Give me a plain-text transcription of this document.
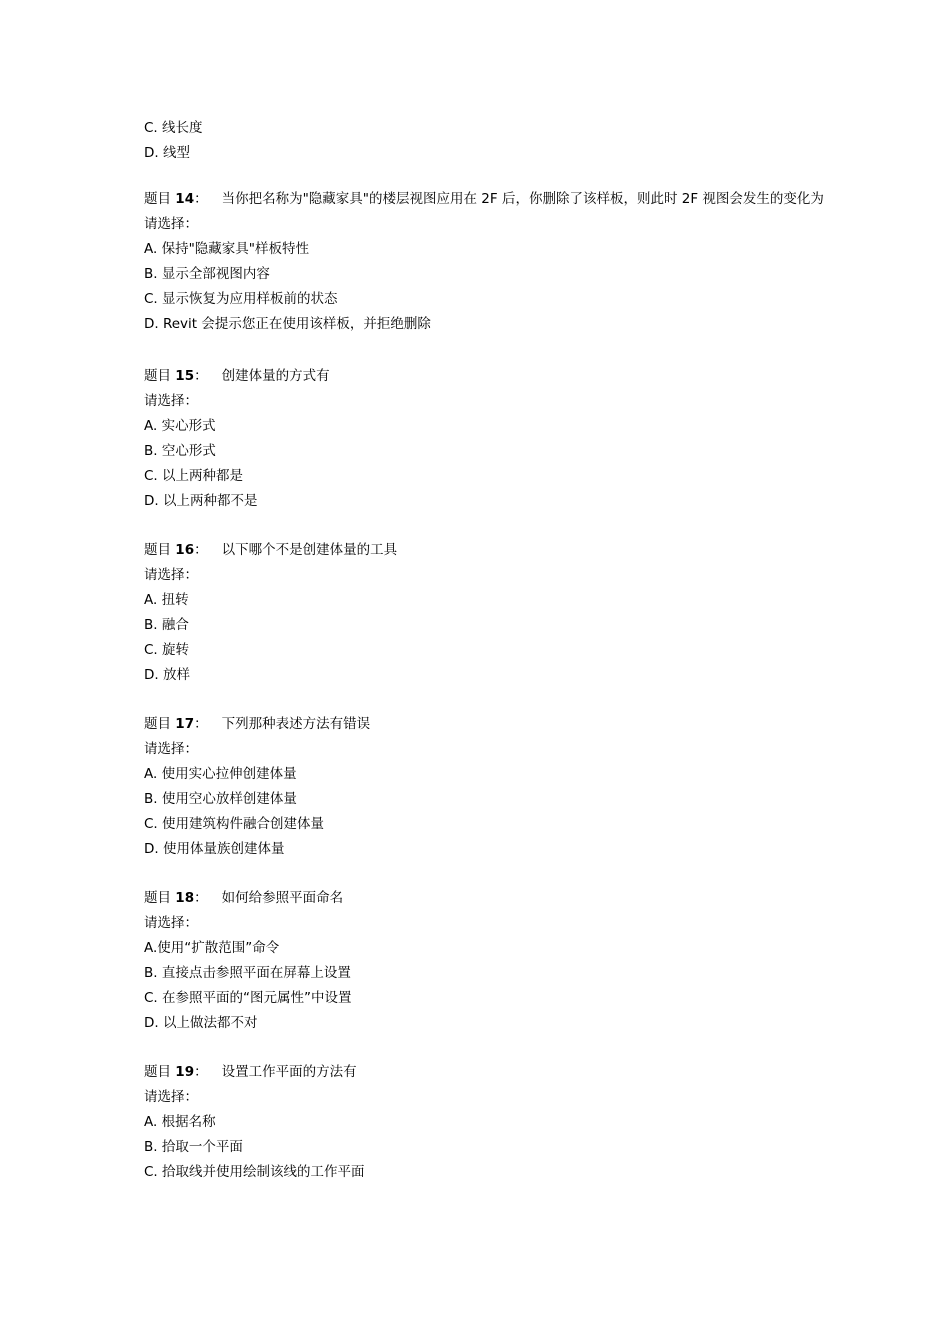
C. 线长度
D. 线型
题目 14： 当你把名称为"隐藏家具"的楼层视图应用在 2F 后，你删除了该样板，则此时 2F 视图会发生的变化为
请选择：
A. 保持"隐藏家具"样板特性
B. 显示全部视图内容
C. 显示恢复为应用样板前的状态
D. Revit 会提示您正在使用该样板，并拒绝删除
题目 15： 创建体量的方式有
请选择：
A. 实心形式
B. 空心形式
C. 以上两种都是
D. 以上两种都不是
题目 16： 以下哪个不是创建体量的工具
请选择：
A. 扭转
B. 融合
C. 旋转
D. 放样
题目 17： 下列那种表述方法有错误
请选择：
A. 使用实心拉伸创建体量
B. 使用空心放样创建体量
C. 使用建筑构件融合创建体量
D. 使用体量族创建体量
题目 18： 如何给参照平面命名
请选择：
A.使用“扩散范围”命令
B. 直接点击参照平面在屏幕上设置
C. 在参照平面的“图元属性”中设置
D. 以上做法都不对
题目 19： 设置工作平面的方法有
请选择：
A. 根据名称
B. 拾取一个平面
C. 拾取线并使用绘制该线的工作平面
